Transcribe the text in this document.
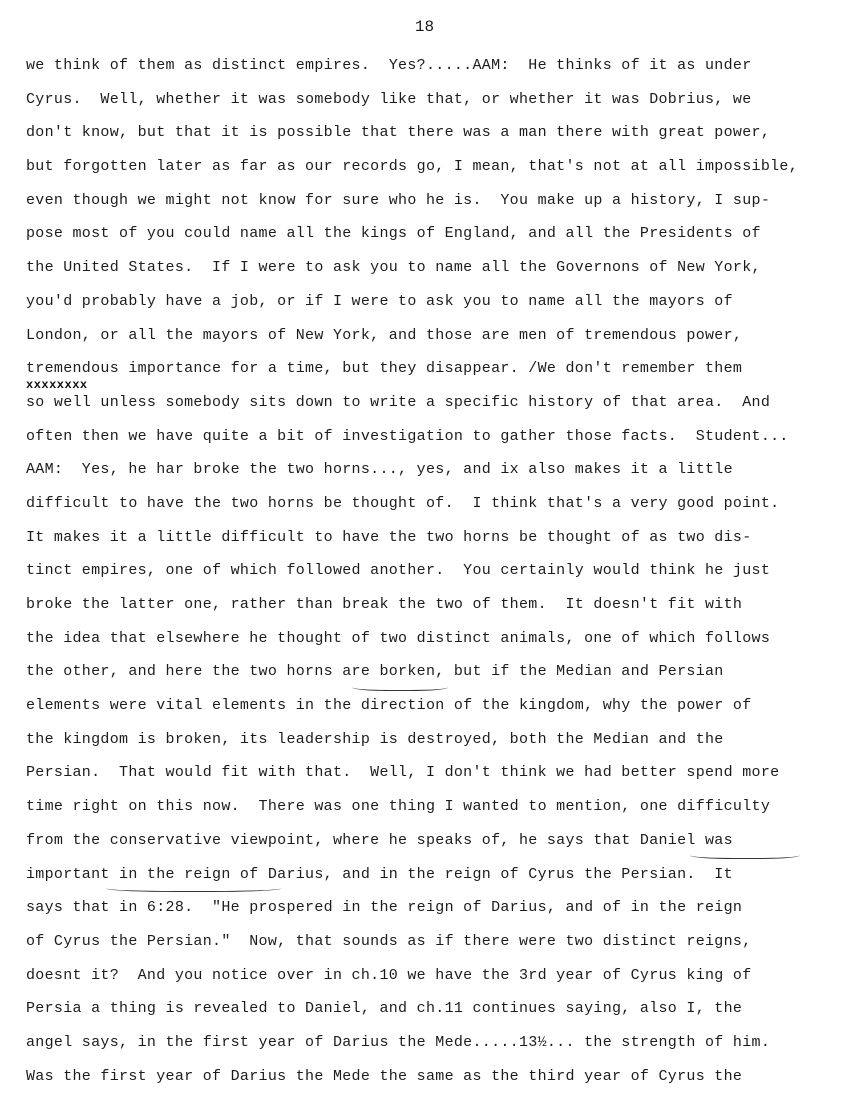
18
we think of them as distinct empires.  Yes?.....AAM:  He thinks of it as under
Cyrus.  Well, whether it was somebody like that, or whether it was Dobrius, we
don't know, but that it is possible that there was a man there with great power,
but forgotten later as far as our records go, I mean, that's not at all impossible,
even though we might not know for sure who he is.  You make up a history, I sup-
pose most of you could name all the kings of England, and all the Presidents of
the United States.  If I were to ask you to name all the Governons of New York,
you'd probably have a job, or if I were to ask you to name all the mayors of
London, or all the mayors of New York, and those are men of tremendous power,
tremendous importance for a time, but they disappear. /We don't remember them
so well unless somebody sits down to write a specific history of that area.  And
often then we have quite a bit of investigation to gather those facts.  Student...
AAM:  Yes, he har broke the two horns..., yes, and ix also makes it a little
difficult to have the two horns be thought of.  I think that's a very good point.
It makes it a little difficult to have the two horns be thought of as two dis-
tinct empires, one of which followed another.  You certainly would think he just
broke the latter one, rather than break the two of them.  It doesn't fit with
the idea that elsewhere he thought of two distinct animals, one of which follows
the other, and here the two horns are borken, but if the Median and Persian
elements were vital elements in the direction of the kingdom, why the power of
the kingdom is broken, its leadership is destroyed, both the Median and the
Persian.  That would fit with that.  Well, I don't think we had better spend more
time right on this now.  There was one thing I wanted to mention, one difficulty
from the conservative viewpoint, where he speaks of, he says that Daniel was
important in the reign of Darius, and in the reign of Cyrus the Persian.  It
says that in 6:28.  "He prospered in the reign of Darius, and of in the reign
of Cyrus the Persian."  Now, that sounds as if there were two distinct reigns,
doesnt it?  And you notice over in ch.10 we have the 3rd year of Cyrus king of
Persia a thing is revealed to Daniel, and ch.11 continues saying, also I, the
angel says, in the first year of Darius the Mede.....13½... the strength of him.
Was the first year of Darius the Mede the same as the third year of Cyrus the
xxxxxxxx
